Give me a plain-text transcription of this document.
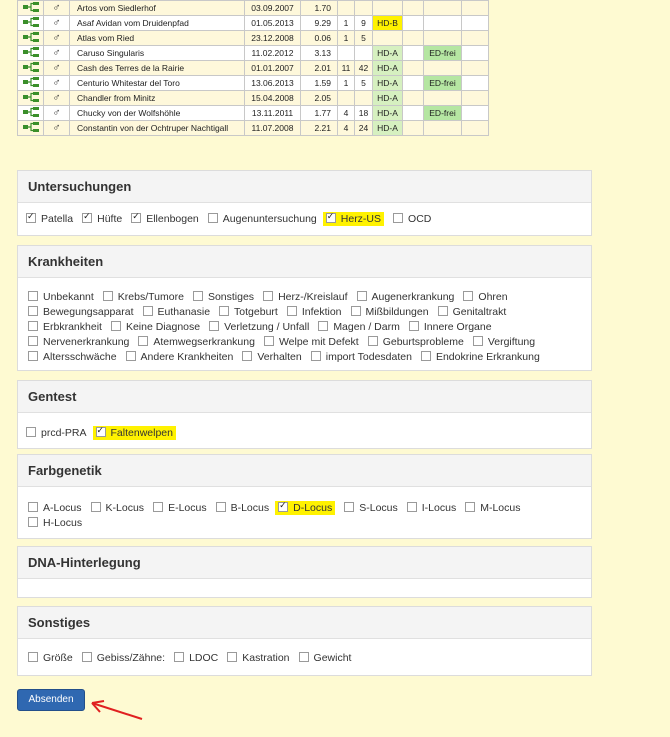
	♂	Artos vom Siedlerhof	03.09.2007	1.70						
	♂	Asaf Avidan vom Druidenpfad	01.05.2013	9.29	1	9	HD-B			
	♂	Atlas vom Ried	23.12.2008	0.06	1	5				
	♂	Caruso Singularis	11.02.2012	3.13			HD-A		ED-frei	
	♂	Cash des Terres de la Rairie	01.01.2007	2.01	11	42	HD-A			
	♂	Centurio Whitestar del Toro	13.06.2013	1.59	1	5	HD-A		ED-frei	
	♂	Chandler from Minitz	15.04.2008	2.05			HD-A			
	♂	Chucky von der Wolfshöhle	13.11.2011	1.77	4	18	HD-A		ED-frei	
	♂	Constantin von der Ochtruper Nachtigall	11.07.2008	2.21	4	24	HD-A			
Untersuchungen
✓Patella ✓ Hüfte ✓ Ellenbogen Augenuntersuchung ✓ Herz-US	OCD
Krankheiten
Unbekannt Krebs/Tumore Sonstiges Herz-/Kreislauf Augenerkrankung OhrenBewegungsapparat Euthanasie Totgeburt Infektion Mißbildungen GenitaltraktErbkrankheit Keine Diagnose Verletzung / Unfall Magen / Darm Innere OrganeNervenerkrankung Atemwegserkrankung Welpe mit Defekt Geburtsprobleme VergiftungAltersschwäche Andere Krankheiten Verhalten import Todesdaten Endokrine Erkrankung
Gentest
prcd-PRA ✓ Faltenwelpen
Farbgenetik
A-Locus K-Locus E-Locus B-Locus ✓ D-Locus	S-Locus I-Locus M-LocusH-Locus
DNA-Hinterlegung
Sonstiges
Größe Gebiss/Zähne: LDOC Kastration Gewicht
Absenden
